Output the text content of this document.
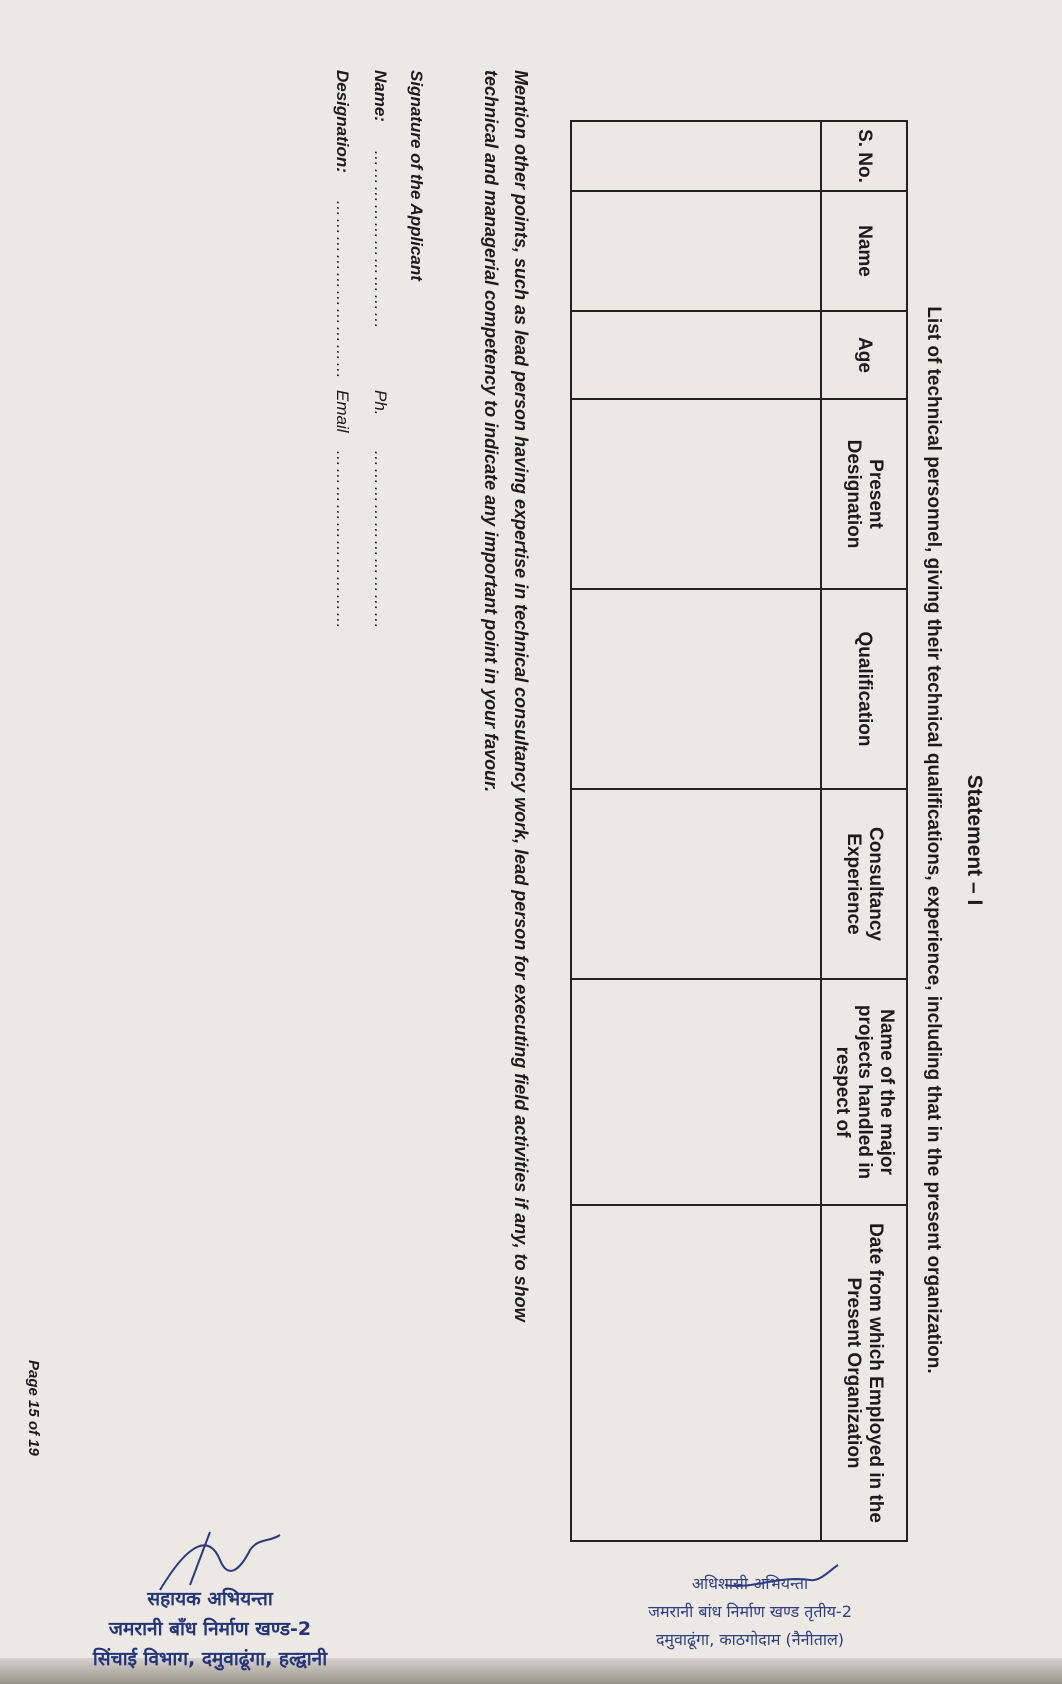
Statement – I
List of technical personnel, giving their technical qualifications, experience, including that in the present organization.
S. No.	Name	Age	Present Designation	Qualification	Consultancy Experience	Name of the major projects handled in respect of	Date from which Employed in the Present Organization

Mention other points, such as lead person having expertise in technical consultancy work, lead person for executing field activities if any, to show
technical and managerial competency to indicate any important point in your favour.
Signature of the Applicant
Name:…………………………Ph.…………………………
Designation:…………………………Email…………………………
Page 15 of 19
सहायक अभियन्ता
जमरानी बाँध निर्माण खण्ड-2
सिंचाई विभाग, दमुवाढूंगा, हल्द्वानी
अधिशासी अभियन्ता
जमरानी बांध निर्माण खण्ड तृतीय-2
दमुवाढूंगा, काठगोदाम (नैनीताल)
